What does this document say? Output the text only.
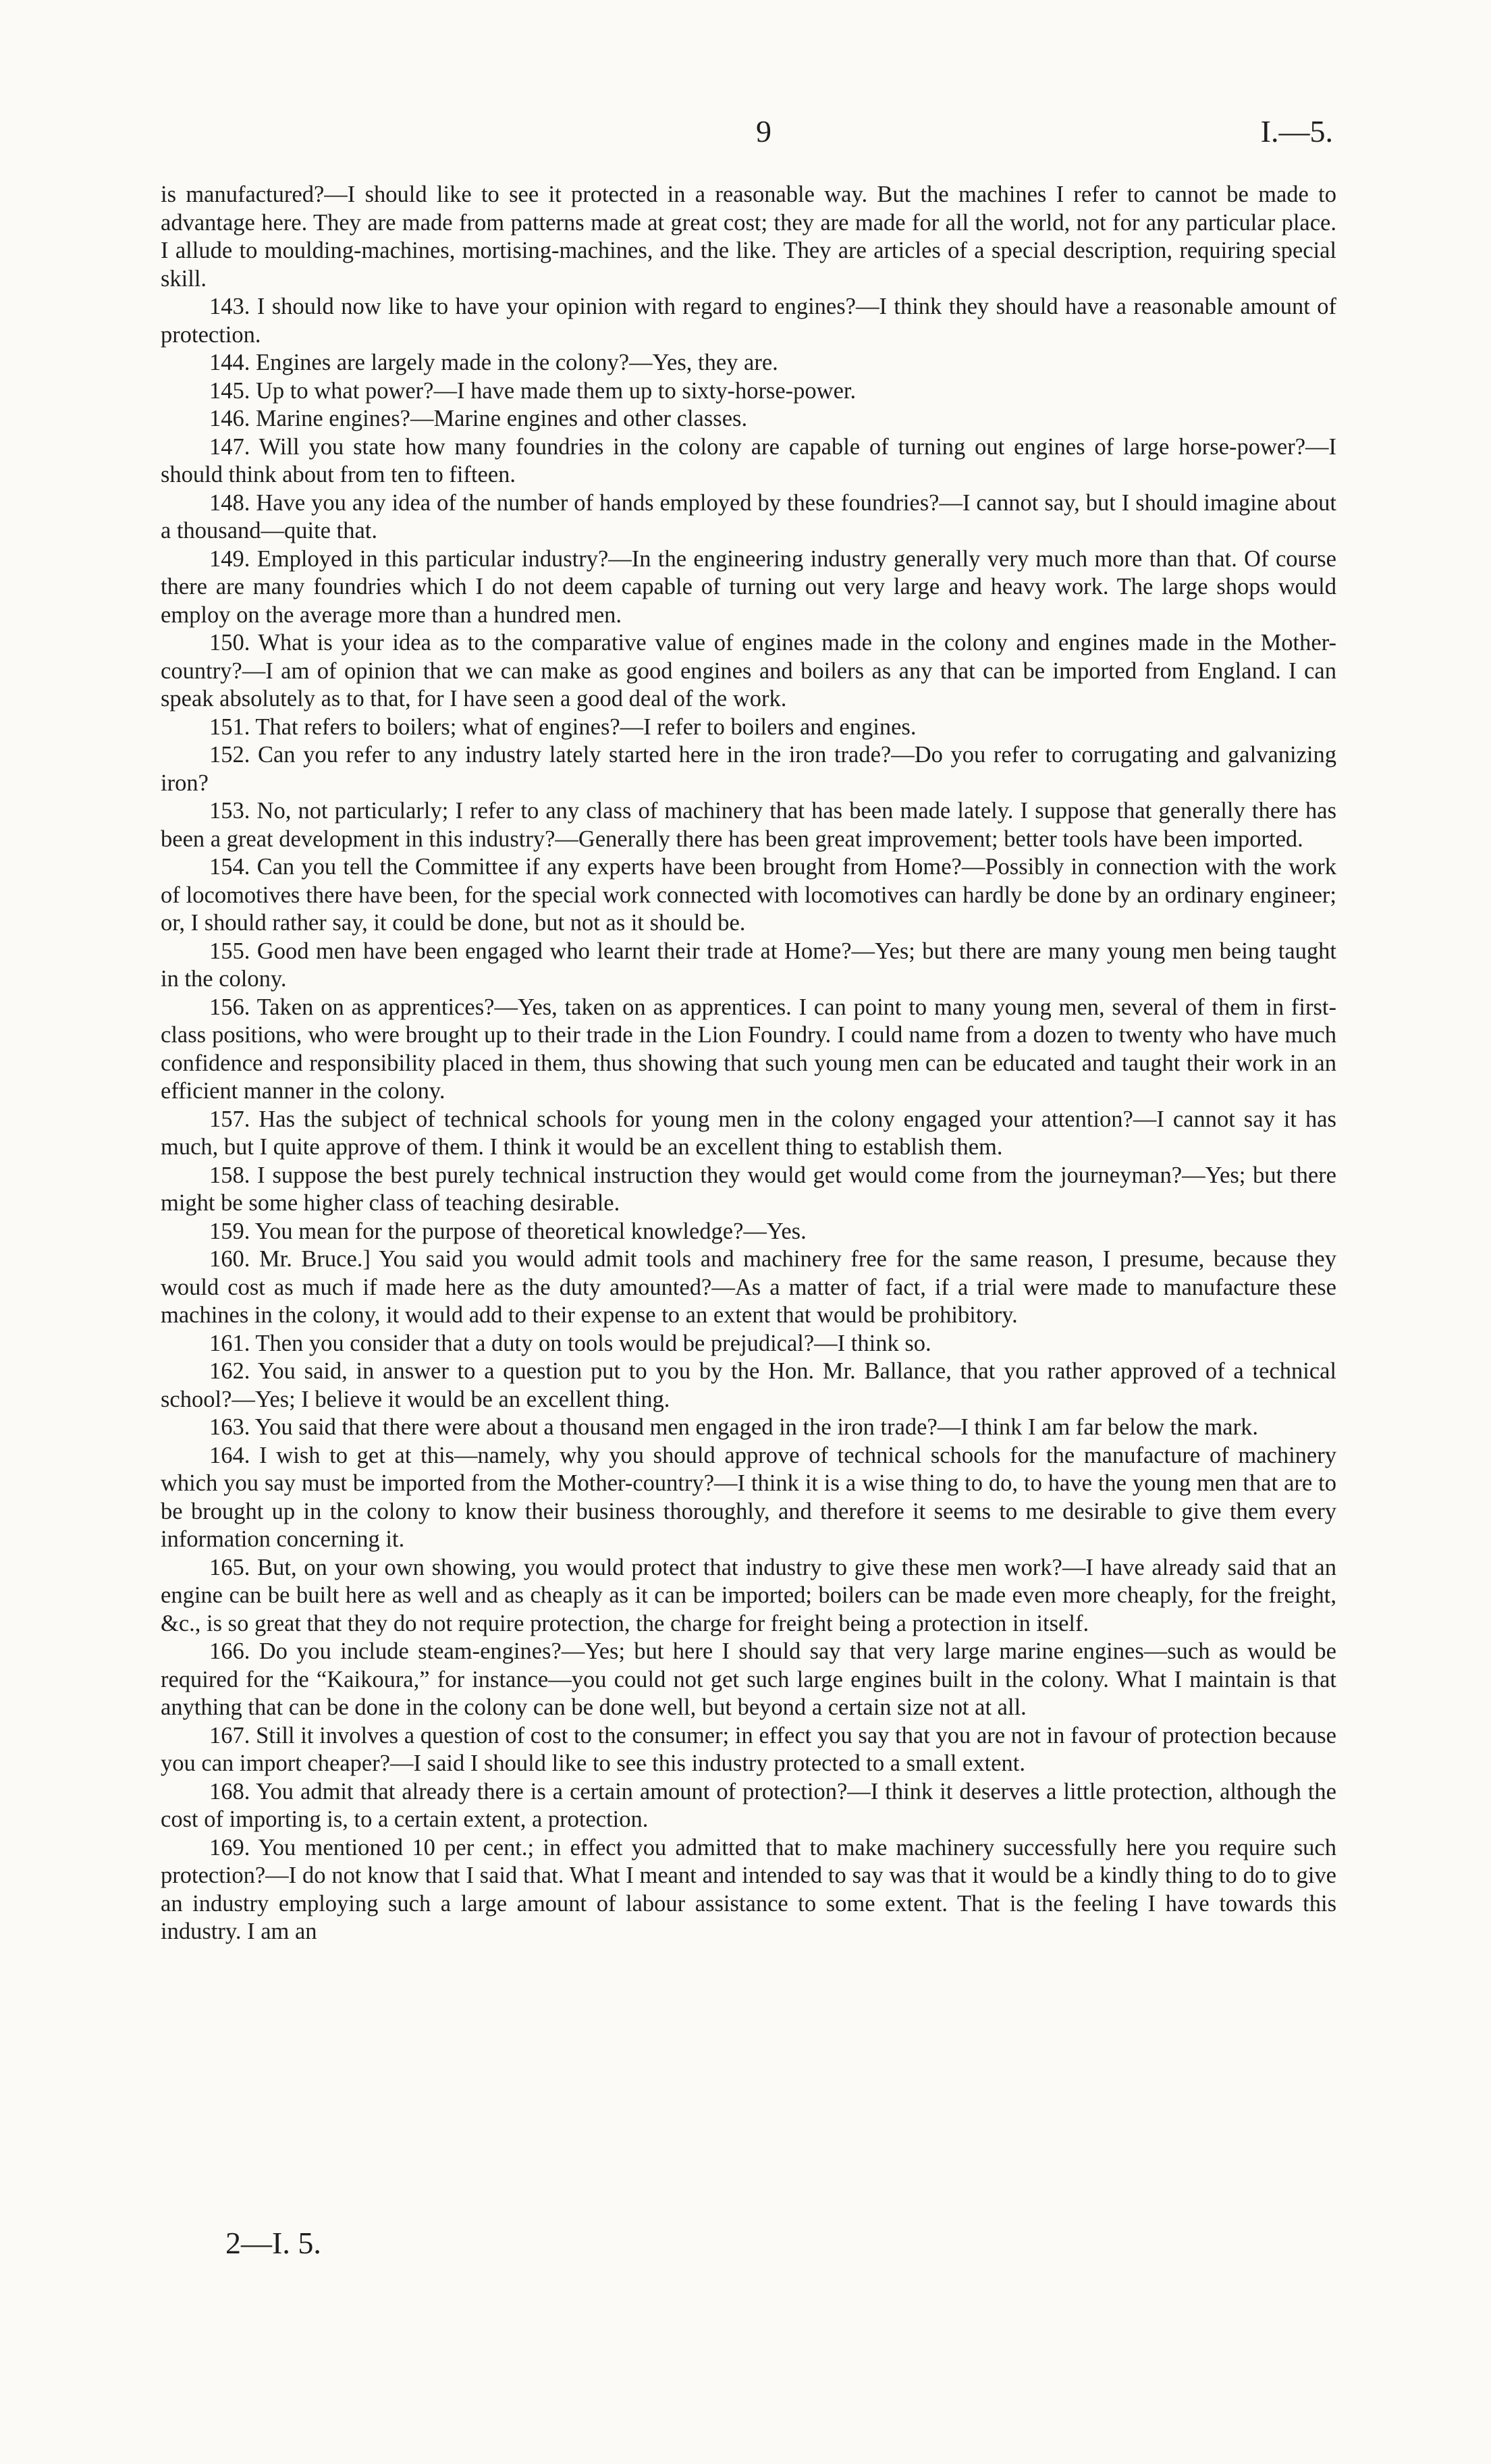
9	I.—5.

is manufactured?—I should like to see it protected in a reasonable way. But the machines I refer to cannot be made to advantage here. They are made from patterns made at great cost; they are made for all the world, not for any particular place. I allude to moulding-machines, mortising-machines, and the like. They are articles of a special description, requiring special skill.

143. I should now like to have your opinion with regard to engines?—I think they should have a reasonable amount of protection.

144. Engines are largely made in the colony?—Yes, they are.

145. Up to what power?—I have made them up to sixty-horse-power.

146. Marine engines?—Marine engines and other classes.

147. Will you state how many foundries in the colony are capable of turning out engines of large horse-power?—I should think about from ten to fifteen.

148. Have you any idea of the number of hands employed by these foundries?—I cannot say, but I should imagine about a thousand—quite that.

149. Employed in this particular industry?—In the engineering industry generally very much more than that. Of course there are many foundries which I do not deem capable of turning out very large and heavy work. The large shops would employ on the average more than a hundred men.

150. What is your idea as to the comparative value of engines made in the colony and engines made in the Mother-country?—I am of opinion that we can make as good engines and boilers as any that can be imported from England. I can speak absolutely as to that, for I have seen a good deal of the work.

151. That refers to boilers; what of engines?—I refer to boilers and engines.

152. Can you refer to any industry lately started here in the iron trade?—Do you refer to corrugating and galvanizing iron?

153. No, not particularly; I refer to any class of machinery that has been made lately. I suppose that generally there has been a great development in this industry?—Generally there has been great improvement; better tools have been imported.

154. Can you tell the Committee if any experts have been brought from Home?—Possibly in connection with the work of locomotives there have been, for the special work connected with locomotives can hardly be done by an ordinary engineer; or, I should rather say, it could be done, but not as it should be.

155. Good men have been engaged who learnt their trade at Home?—Yes; but there are many young men being taught in the colony.

156. Taken on as apprentices?—Yes, taken on as apprentices. I can point to many young men, several of them in first-class positions, who were brought up to their trade in the Lion Foundry. I could name from a dozen to twenty who have much confidence and responsibility placed in them, thus showing that such young men can be educated and taught their work in an efficient manner in the colony.

157. Has the subject of technical schools for young men in the colony engaged your attention?—I cannot say it has much, but I quite approve of them. I think it would be an excellent thing to establish them.

158. I suppose the best purely technical instruction they would get would come from the journeyman?—Yes; but there might be some higher class of teaching desirable.

159. You mean for the purpose of theoretical knowledge?—Yes.

160. Mr. Bruce.] You said you would admit tools and machinery free for the same reason, I presume, because they would cost as much if made here as the duty amounted?—As a matter of fact, if a trial were made to manufacture these machines in the colony, it would add to their expense to an extent that would be prohibitory.

161. Then you consider that a duty on tools would be prejudical?—I think so.

162. You said, in answer to a question put to you by the Hon. Mr. Ballance, that you rather approved of a technical school?—Yes; I believe it would be an excellent thing.

163. You said that there were about a thousand men engaged in the iron trade?—I think I am far below the mark.

164. I wish to get at this—namely, why you should approve of technical schools for the manufacture of machinery which you say must be imported from the Mother-country?—I think it is a wise thing to do, to have the young men that are to be brought up in the colony to know their business thoroughly, and therefore it seems to me desirable to give them every information concerning it.

165. But, on your own showing, you would protect that industry to give these men work?—I have already said that an engine can be built here as well and as cheaply as it can be imported; boilers can be made even more cheaply, for the freight, &c., is so great that they do not require protection, the charge for freight being a protection in itself.

166. Do you include steam-engines?—Yes; but here I should say that very large marine engines—such as would be required for the “Kaikoura,” for instance—you could not get such large engines built in the colony. What I maintain is that anything that can be done in the colony can be done well, but beyond a certain size not at all.

167. Still it involves a question of cost to the consumer; in effect you say that you are not in favour of protection because you can import cheaper?—I said I should like to see this industry protected to a small extent.

168. You admit that already there is a certain amount of protection?—I think it deserves a little protection, although the cost of importing is, to a certain extent, a protection.

169. You mentioned 10 per cent.; in effect you admitted that to make machinery successfully here you require such protection?—I do not know that I said that. What I meant and intended to say was that it would be a kindly thing to do to give an industry employing such a large amount of labour assistance to some extent. That is the feeling I have towards this industry. I am an

2—I. 5.
